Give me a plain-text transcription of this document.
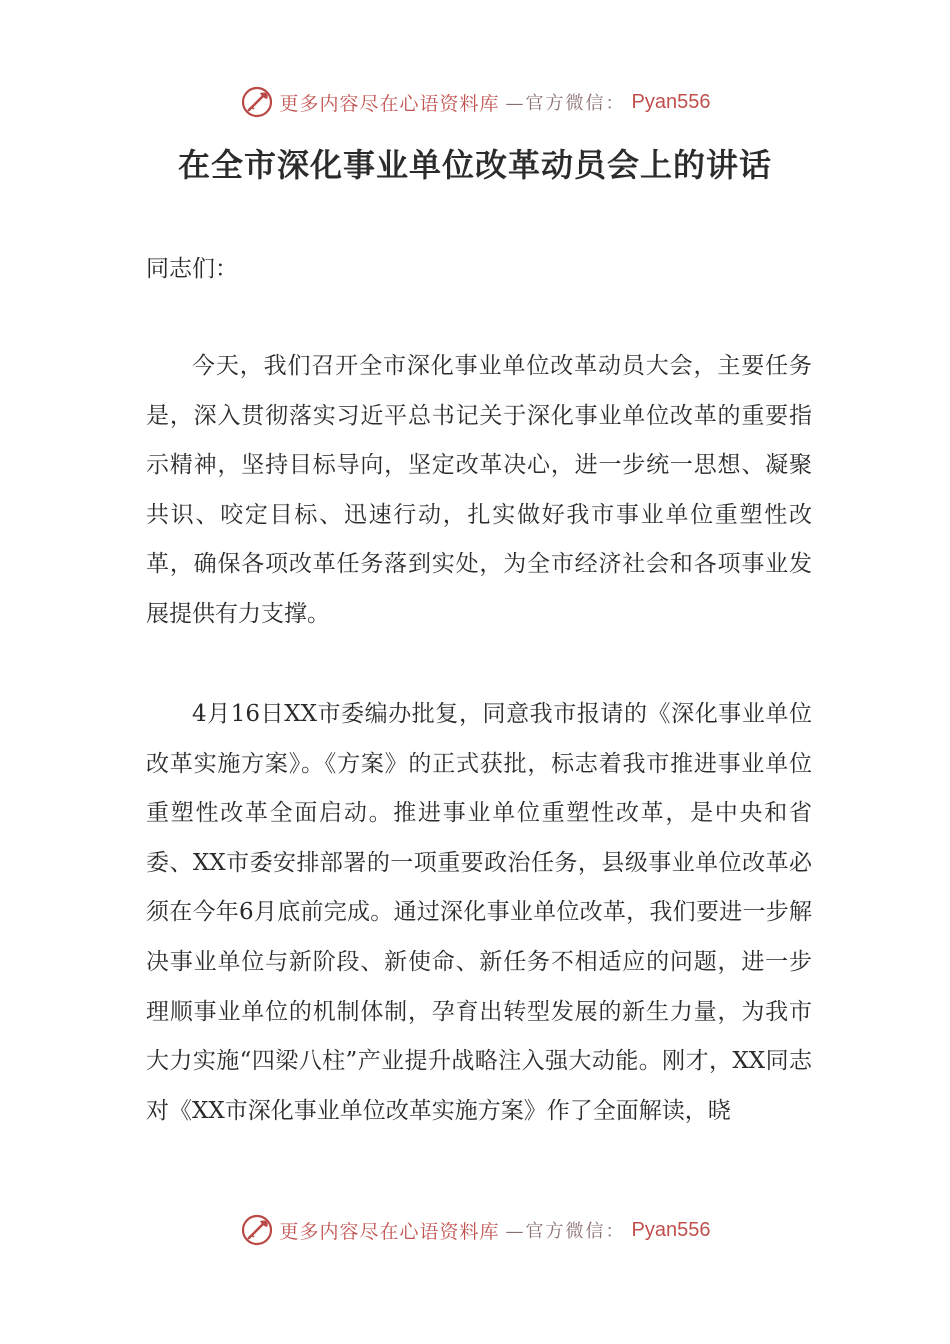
更多内容尽在心语资料库 —官方微信： Pyan556
在全市深化事业单位改革动员会上的讲话
同志们：

今天，我们召开全市深化事业单位改革动员大会，主要任务是，深入贯彻落实习近平总书记关于深化事业单位改革的重要指示精神，坚持目标导向，坚定改革决心，进一步统一思想、凝聚共识、咬定目标、迅速行动，扎实做好我市事业单位重塑性改革，确保各项改革任务落到实处，为全市经济社会和各项事业发展提供有力支撑。

4月16日XX市委编办批复，同意我市报请的《深化事业单位改革实施方案》。《方案》的正式获批，标志着我市推进事业单位重塑性改革全面启动。推进事业单位重塑性改革，是中央和省委、XX市委安排部署的一项重要政治任务，县级事业单位改革必须在今年6月底前完成。通过深化事业单位改革，我们要进一步解决事业单位与新阶段、新使命、新任务不相适应的问题，进一步理顺事业单位的机制体制，孕育出转型发展的新生力量，为我市大力实施“四梁八柱”产业提升战略注入强大动能。刚才，XX同志对《XX市深化事业单位改革实施方案》作了全面解读，晓

更多内容尽在心语资料库 —官方微信： Pyan556
